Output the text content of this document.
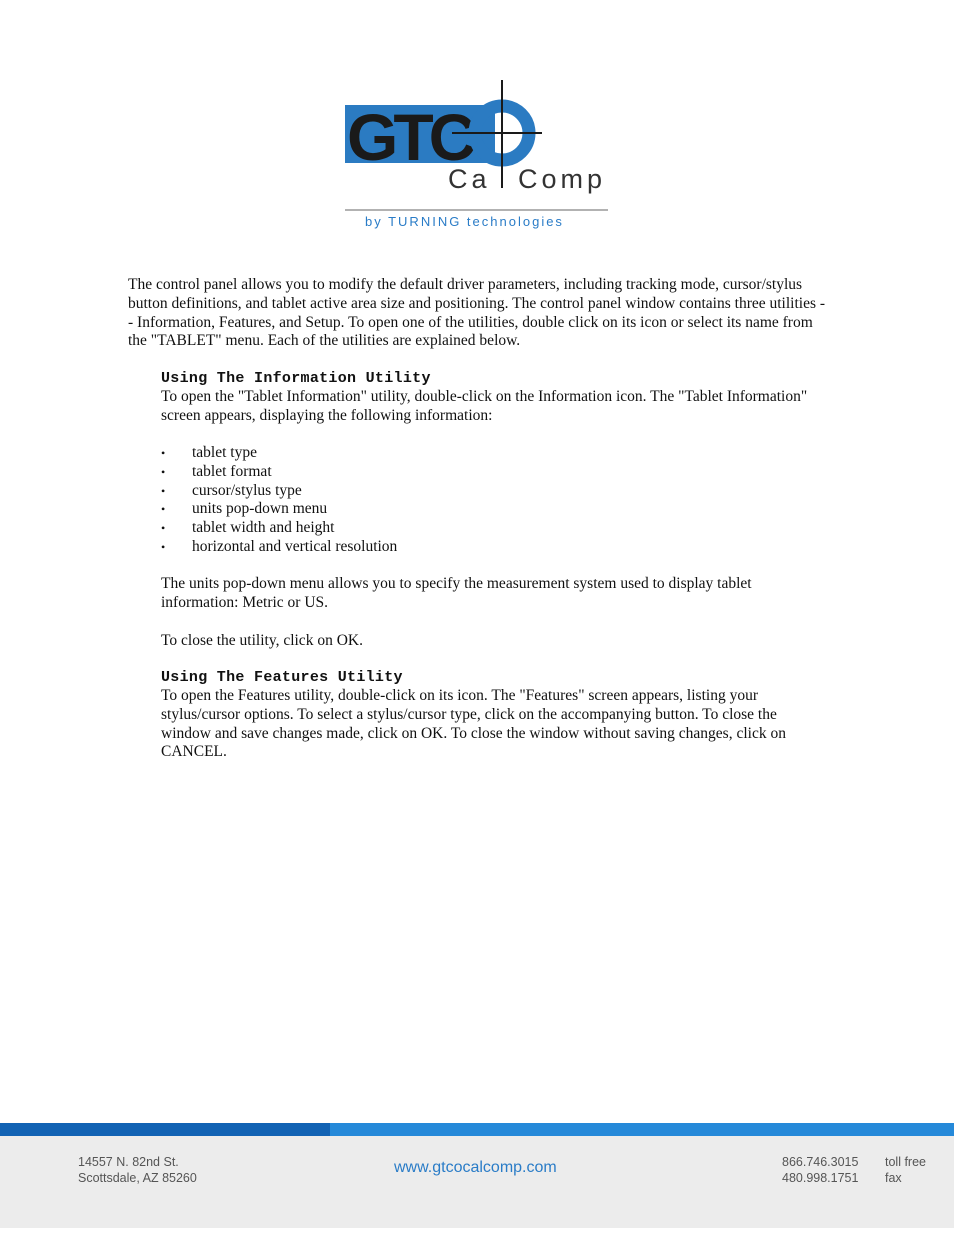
GTC
Ca Comp
by TURNING technologies

The control panel allows you to modify the default driver parameters, including tracking mode, cursor/stylus button definitions, and tablet active area size and positioning. The control panel window contains three utilities - - Information, Features, and Setup. To open one of the utilities, double click on its icon or select its name from the "TABLET" menu. Each of the utilities are explained below.

Using The Information Utility

To open the "Tablet Information" utility, double-click on the Information icon. The "Tablet Information" screen appears, displaying the following information:

• tablet type
• tablet format
• cursor/stylus type
• units pop-down menu
• tablet width and height
• horizontal and vertical resolution

The units pop-down menu allows you to specify the measurement system used to display tablet information: Metric or US.

To close the utility, click on OK.

Using The Features Utility

To open the Features utility, double-click on its icon. The "Features" screen appears, listing your stylus/cursor options. To select a stylus/cursor type, click on the accompanying button. To close the window and save changes made, click on OK. To close the window without saving changes, click on CANCEL.

14557 N. 82nd St.
Scottsdale, AZ 85260
www.gtcocalcomp.com	866.746.3015
480.998.1751
toll free
fax
